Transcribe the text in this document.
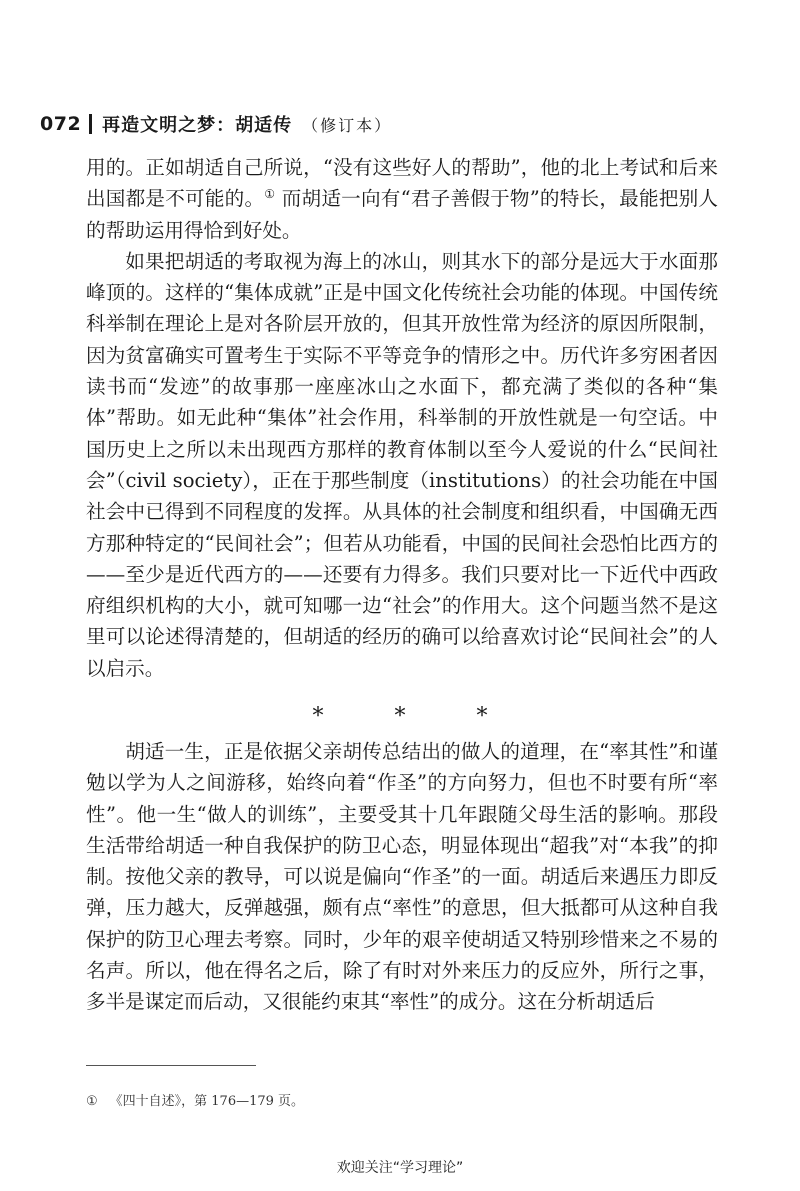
072 再造文明之梦：胡适传 （修订本）

用的。正如胡适自己所说，“没有这些好人的帮助”，他的北上考试和后来出国都是不可能的。① 而胡适一向有“君子善假于物”的特长，最能把别人的帮助运用得恰到好处。

如果把胡适的考取视为海上的冰山，则其水下的部分是远大于水面那峰顶的。这样的“集体成就”正是中国文化传统社会功能的体现。中国传统科举制在理论上是对各阶层开放的，但其开放性常为经济的原因所限制，因为贫富确实可置考生于实际不平等竞争的情形之中。历代许多穷困者因读书而“发迹”的故事那一座座冰山之水面下，都充满了类似的各种“集体”帮助。如无此种“集体”社会作用，科举制的开放性就是一句空话。中国历史上之所以未出现西方那样的教育体制以至今人爱说的什么“民间社会”（civil society），正在于那些制度（institutions）的社会功能在中国社会中已得到不同程度的发挥。从具体的社会制度和组织看，中国确无西方那种特定的“民间社会”；但若从功能看，中国的民间社会恐怕比西方的——至少是近代西方的——还要有力得多。我们只要对比一下近代中西政府组织机构的大小，就可知哪一边“社会”的作用大。这个问题当然不是这里可以论述得清楚的，但胡适的经历的确可以给喜欢讨论“民间社会”的人以启示。

* * *

胡适一生，正是依据父亲胡传总结出的做人的道理，在“率其性”和谨勉以学为人之间游移，始终向着“作圣”的方向努力，但也不时要有所“率性”。他一生“做人的训练”，主要受其十几年跟随父母生活的影响。那段生活带给胡适一种自我保护的防卫心态，明显体现出“超我”对“本我”的抑制。按他父亲的教导，可以说是偏向“作圣”的一面。胡适后来遇压力即反弹，压力越大，反弹越强，颇有点“率性”的意思，但大抵都可从这种自我保护的防卫心理去考察。同时，少年的艰辛使胡适又特别珍惜来之不易的名声。所以，他在得名之后，除了有时对外来压力的反应外，所行之事，多半是谋定而后动，又很能约束其“率性”的成分。这在分析胡适后

① 《四十自述》，第 176—179 页。
欢迎关注“学习理论”
